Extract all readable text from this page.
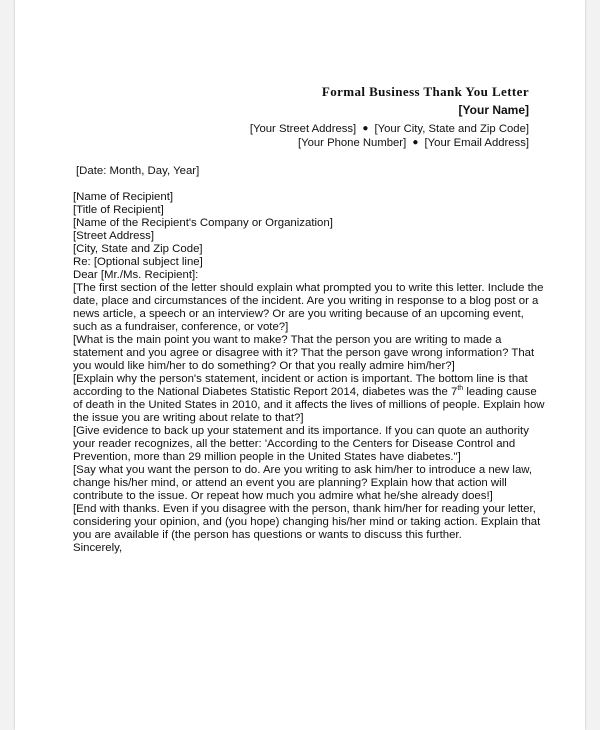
Formal Business Thank You Letter
[Your Name]
[Your Street Address] ● [Your City, State and Zip Code]
[Your Phone Number] ● [Your Email Address]

[Date: Month, Day, Year]

[Name of Recipient]

[Title of Recipient]

[Name of the Recipient's Company or Organization]

[Street Address]

[City, State and Zip Code]

Re: [Optional subject line]

Dear [Mr./Ms. Recipient]:

[The first section of the letter should explain what prompted you to write this letter. Include the date, place and circumstances of the incident. Are you writing in response to a blog post or a news article, a speech or an interview? Or are you writing because of an upcoming event, such as a fundraiser, conference, or vote?]

[What is the main point you want to make? That the person you are writing to made a statement and you agree or disagree with it? That the person gave wrong information? That you would like him/her to do something? Or that you really admire him/her?]

[Explain why the person's statement, incident or action is important. The bottom line is that according to the National Diabetes Statistic Report 2014, diabetes was the 7th leading cause of death in the United States in 2010, and it affects the lives of millions of people. Explain how the issue you are writing about relate to that?]

[Give evidence to back up your statement and its importance. If you can quote an authority your reader recognizes, all the better: 'According to the Centers for Disease Control and Prevention, more than 29 million people in the United States have diabetes."]

[Say what you want the person to do. Are you writing to ask him/her to introduce a new law, change his/her mind, or attend an event you are planning? Explain how that action will contribute to the issue. Or repeat how much you admire what he/she already does!]

[End with thanks. Even if you disagree with the person, thank him/her for reading your letter, considering your opinion, and (you hope) changing his/her mind or taking action. Explain that you are available if (the person has questions or wants to discuss this further.

Sincerely,
